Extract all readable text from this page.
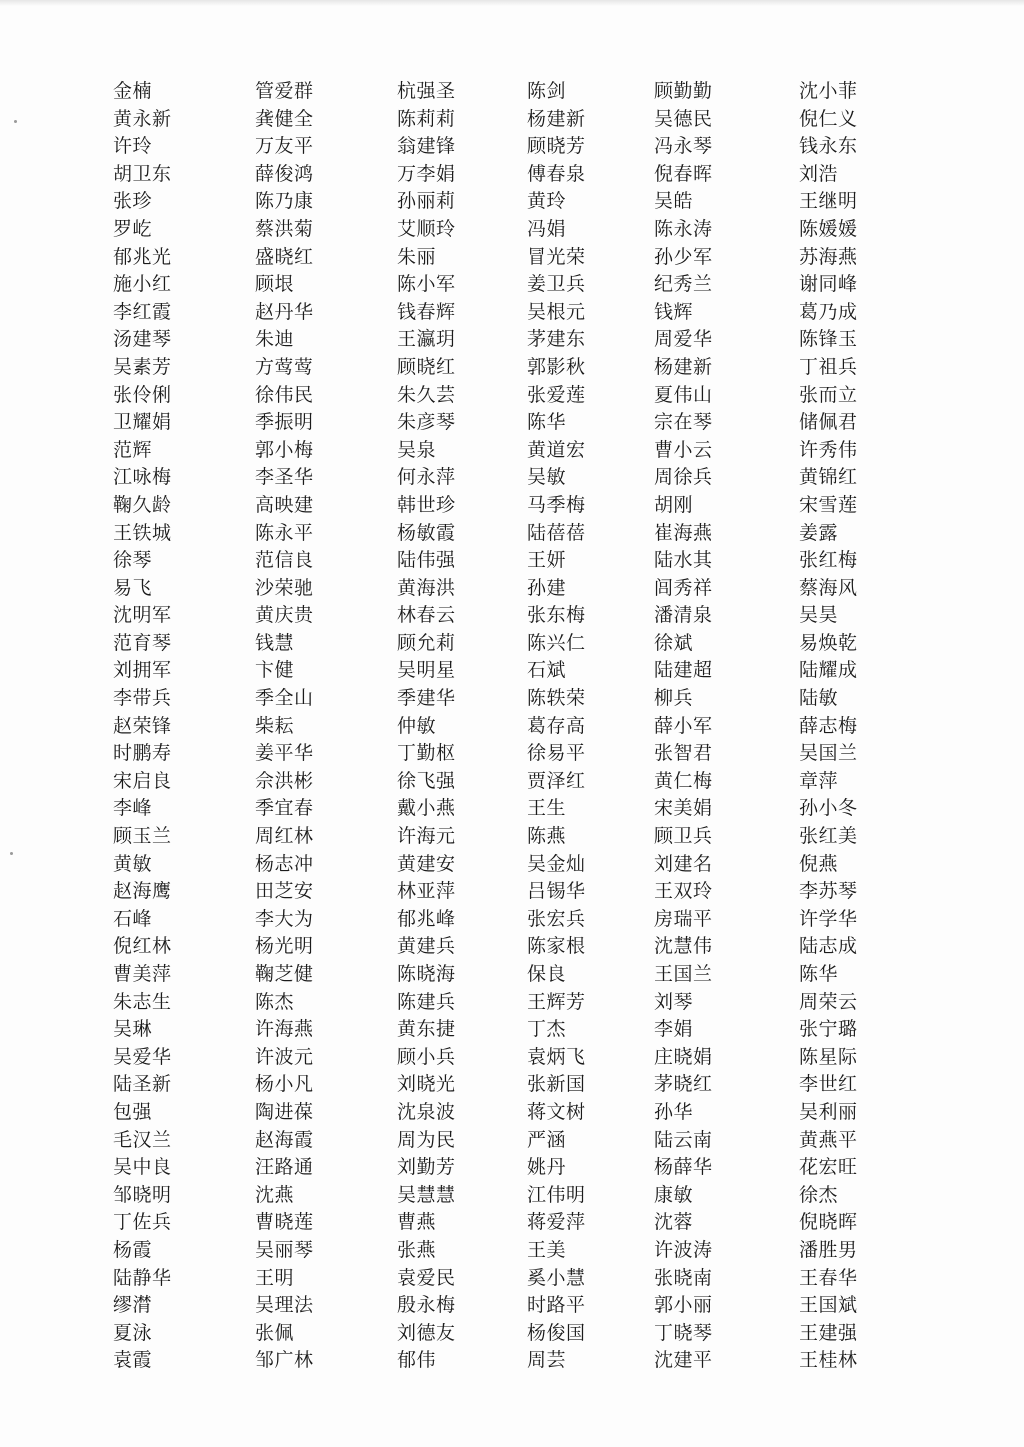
金楠	管爱群	杭强圣	陈剑	顾勤勤	沈小菲
黄永新	龚健全	陈莉莉	杨建新	吴德民	倪仁义
许玲	万友平	翁建锋	顾晓芳	冯永琴	钱永东
胡卫东	薛俊鸿	万李娟	傅春泉	倪春晖	刘浩
张珍	陈乃康	孙丽莉	黄玲	吴皓	王继明
罗屹	蔡洪菊	艾顺玲	冯娟	陈永涛	陈媛媛
郁兆光	盛晓红	朱丽	冒光荣	孙少军	苏海燕
施小红	顾垠	陈小军	姜卫兵	纪秀兰	谢同峰
李红霞	赵丹华	钱春辉	吴根元	钱辉	葛乃成
汤建琴	朱迪	王瀛玥	茅建东	周爱华	陈锋玉
吴素芳	方莺莺	顾晓红	郭影秋	杨建新	丁祖兵
张伶俐	徐伟民	朱久芸	张爱莲	夏伟山	张而立
卫耀娟	季振明	朱彦琴	陈华	宗在琴	储佩君
范辉	郭小梅	吴泉	黄道宏	曹小云	许秀伟
江咏梅	李圣华	何永萍	吴敏	周徐兵	黄锦红
鞠久龄	高映建	韩世珍	马季梅	胡刚	宋雪莲
王铁城	陈永平	杨敏霞	陆蓓蓓	崔海燕	姜露
徐琴	范信良	陆伟强	王妍	陆水其	张红梅
易飞	沙荣驰	黄海洪	孙建	闾秀祥	蔡海风
沈明军	黄庆贵	林春云	张东梅	潘清泉	吴昊
范育琴	钱慧	顾允莉	陈兴仁	徐斌	易焕乾
刘拥军	卞健	吴明星	石斌	陆建超	陆耀成
李带兵	季全山	季建华	陈轶荣	柳兵	陆敏
赵荣锋	柴耘	仲敏	葛存高	薛小军	薛志梅
时鹏寿	姜平华	丁勤枢	徐易平	张智君	吴国兰
宋启良	佘洪彬	徐飞强	贾泽红	黄仁梅	章萍
李峰	季宜春	戴小燕	王生	宋美娟	孙小冬
顾玉兰	周红林	许海元	陈燕	顾卫兵	张红美
黄敏	杨志冲	黄建安	吴金灿	刘建名	倪燕
赵海鹰	田芝安	林亚萍	吕锡华	王双玲	李苏琴
石峰	李大为	郁兆峰	张宏兵	房瑞平	许学华
倪红林	杨光明	黄建兵	陈家根	沈慧伟	陆志成
曹美萍	鞠芝健	陈晓海	保良	王国兰	陈华
朱志生	陈杰	陈建兵	王辉芳	刘琴	周荣云
吴琳	许海燕	黄东捷	丁杰	李娟	张宁璐
吴爱华	许波元	顾小兵	袁炳飞	庄晓娟	陈星际
陆圣新	杨小凡	刘晓光	张新国	茅晓红	李世红
包强	陶进葆	沈泉波	蒋文树	孙华	吴利丽
毛汉兰	赵海霞	周为民	严涵	陆云南	黄燕平
吴中良	汪路通	刘勤芳	姚丹	杨薛华	花宏旺
邹晓明	沈燕	吴慧慧	江伟明	康敏	徐杰
丁佐兵	曹晓莲	曹燕	蒋爱萍	沈蓉	倪晓晖
杨霞	吴丽琴	张燕	王美	许波涛	潘胜男
陆静华	王明	袁爱民	奚小慧	张晓南	王春华
缪潸	吴理法	殷永梅	时路平	郭小丽	王国斌
夏泳	张佩	刘德友	杨俊国	丁晓琴	王建强
袁霞	邹广林	郁伟	周芸	沈建平	王桂林
